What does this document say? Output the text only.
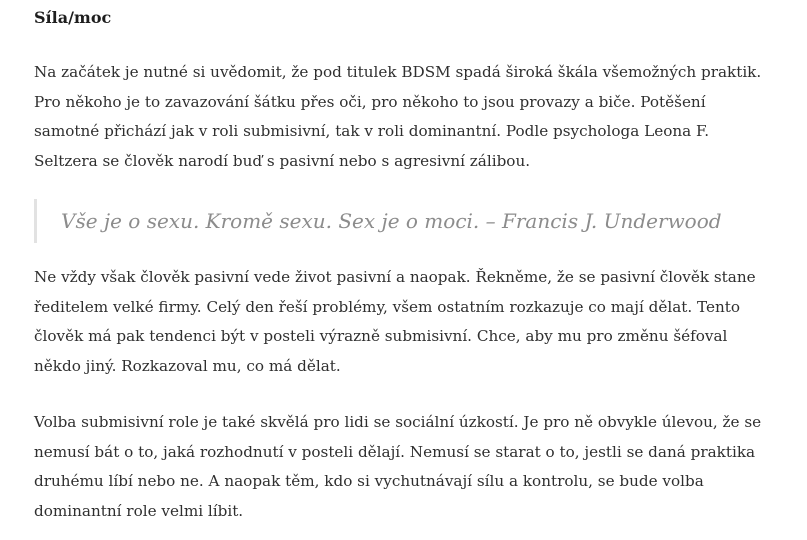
Síla/moc

Na začátek je nutné si uvědomit, že pod titulek BDSM spadá široká škála všemožných praktik.
Pro někoho je to zavazování šátku přes oči, pro někoho to jsou provazy a biče. Potěšení
samotné přichází jak v roli submisivní, tak v roli dominantní. Podle psychologa Leona F.
Seltzera se člověk narodí buď s pasivní nebo s agresivní zálibou.

Vše je o sexu. Kromě sexu. Sex je o moci. – Francis J. Underwood

Ne vždy však člověk pasivní vede život pasivní a naopak. Řekněme, že se pasivní člověk stane
ředitelem velké firmy. Celý den řeší problémy, všem ostatním rozkazuje co mají dělat. Tento
člověk má pak tendenci být v posteli výrazně submisivní. Chce, aby mu pro změnu šéfoval
někdo jiný. Rozkazoval mu, co má dělat.

Volba submisivní role je také skvělá pro lidi se sociální úzkostí. Je pro ně obvykle úlevou, že se
nemusí bát o to, jaká rozhodnutí v posteli dělají. Nemusí se starat o to, jestli se daná praktika
druhému líbí nebo ne. A naopak těm, kdo si vychutnávají sílu a kontrolu, se bude volba
dominantní role velmi líbit.
